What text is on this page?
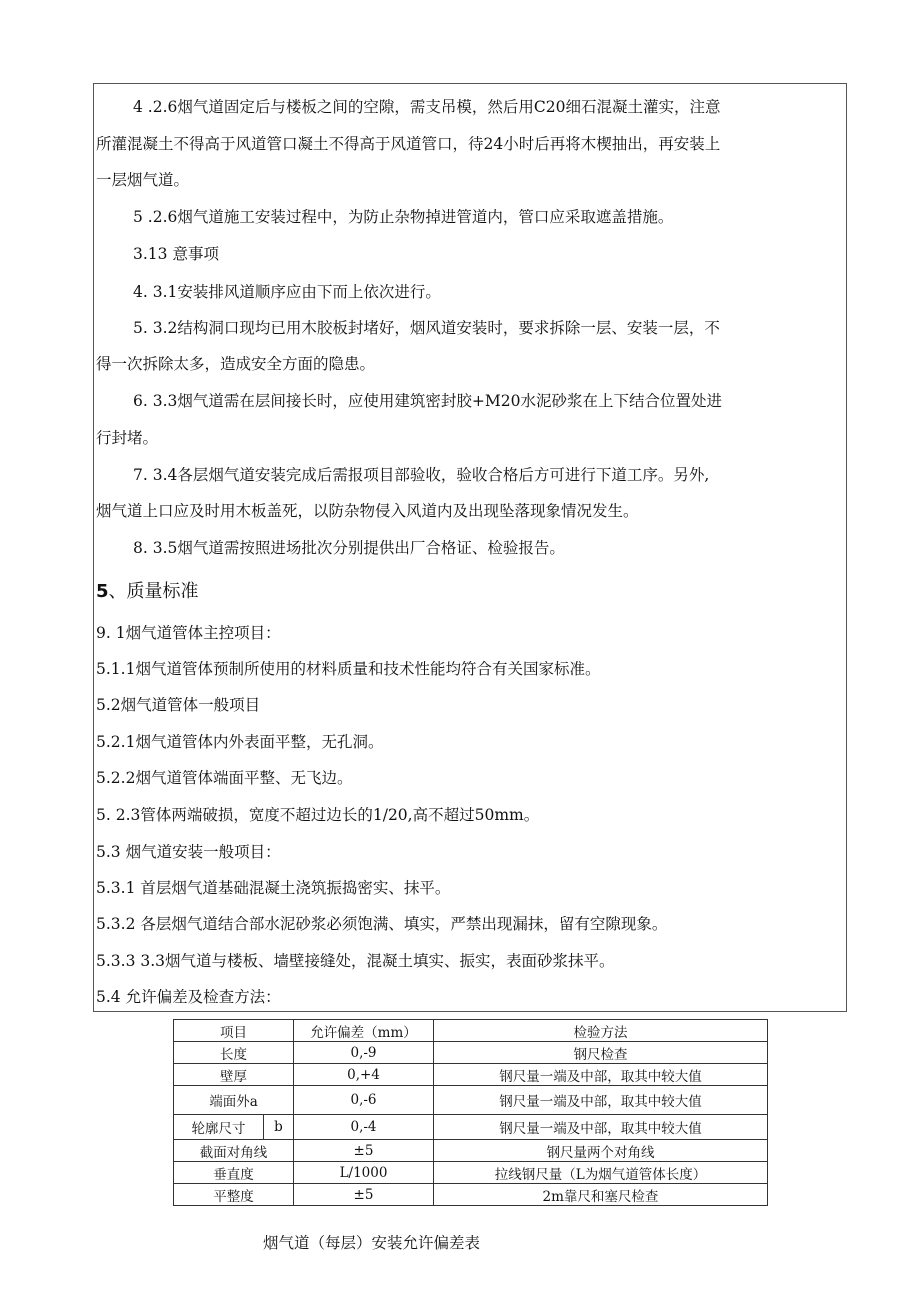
4 .2.6烟气道固定后与楼板之间的空隙，需支吊模，然后用C20细石混凝土灌实，注意
所灌混凝土不得高于风道管口凝土不得高于风道管口，待24小时后再将木楔抽出，再安装上
一层烟气道。
5 .2.6烟气道施工安装过程中，为防止杂物掉进管道内，管口应采取遮盖措施。
3.13 意事项
4. 3.1安装排风道顺序应由下而上依次进行。
5. 3.2结构洞口现均已用木胶板封堵好，烟风道安装时，要求拆除一层、安装一层，不
得一次拆除太多，造成安全方面的隐患。
6. 3.3烟气道需在层间接长时，应使用建筑密封胶+M20水泥砂浆在上下结合位置处进
行封堵。
7. 3.4各层烟气道安装完成后需报项目部验收，验收合格后方可进行下道工序。另外,
烟气道上口应及时用木板盖死，以防杂物侵入风道内及出现坠落现象情况发生。
8. 3.5烟气道需按照进场批次分别提供出厂合格证、检验报告。
5、质量标准
9. 1烟气道管体主控项目：
5.1.1烟气道管体预制所使用的材料质量和技术性能均符合有关国家标准。
5.2烟气道管体一般项目
5.2.1烟气道管体内外表面平整，无孔洞。
5.2.2烟气道管体端面平整、无飞边。
5. 2.3管体两端破损，宽度不超过边长的1/20,高不超过50mm。
5.3 烟气道安装一般项目：
5.3.1 首层烟气道基础混凝土浇筑振捣密实、抹平。
5.3.2 各层烟气道结合部水泥砂浆必须饱满、填实，严禁出现漏抹，留有空隙现象。
5.3.3 3.3烟气道与楼板、墙壁接缝处，混凝土填实、振实，表面砂浆抹平。
5.4 允许偏差及检查方法：
项目		允许偏差（mm）	检验方法
长度		0,-9	钢尺检查
壁厚		0,+4	钢尺量一端及中部，取其中较大值
端面外a		0,-6	钢尺量一端及中部，取其中较大值
轮廓尺寸	b	0,-4	钢尺量一端及中部，取其中较大值
截面对角线		±5	钢尺量两个对角线
垂直度		L/1000	拉线钢尺量（L为烟气道管体长度）
平整度		±5	2m靠尺和塞尺检查
烟气道（每层）安装允许偏差表
